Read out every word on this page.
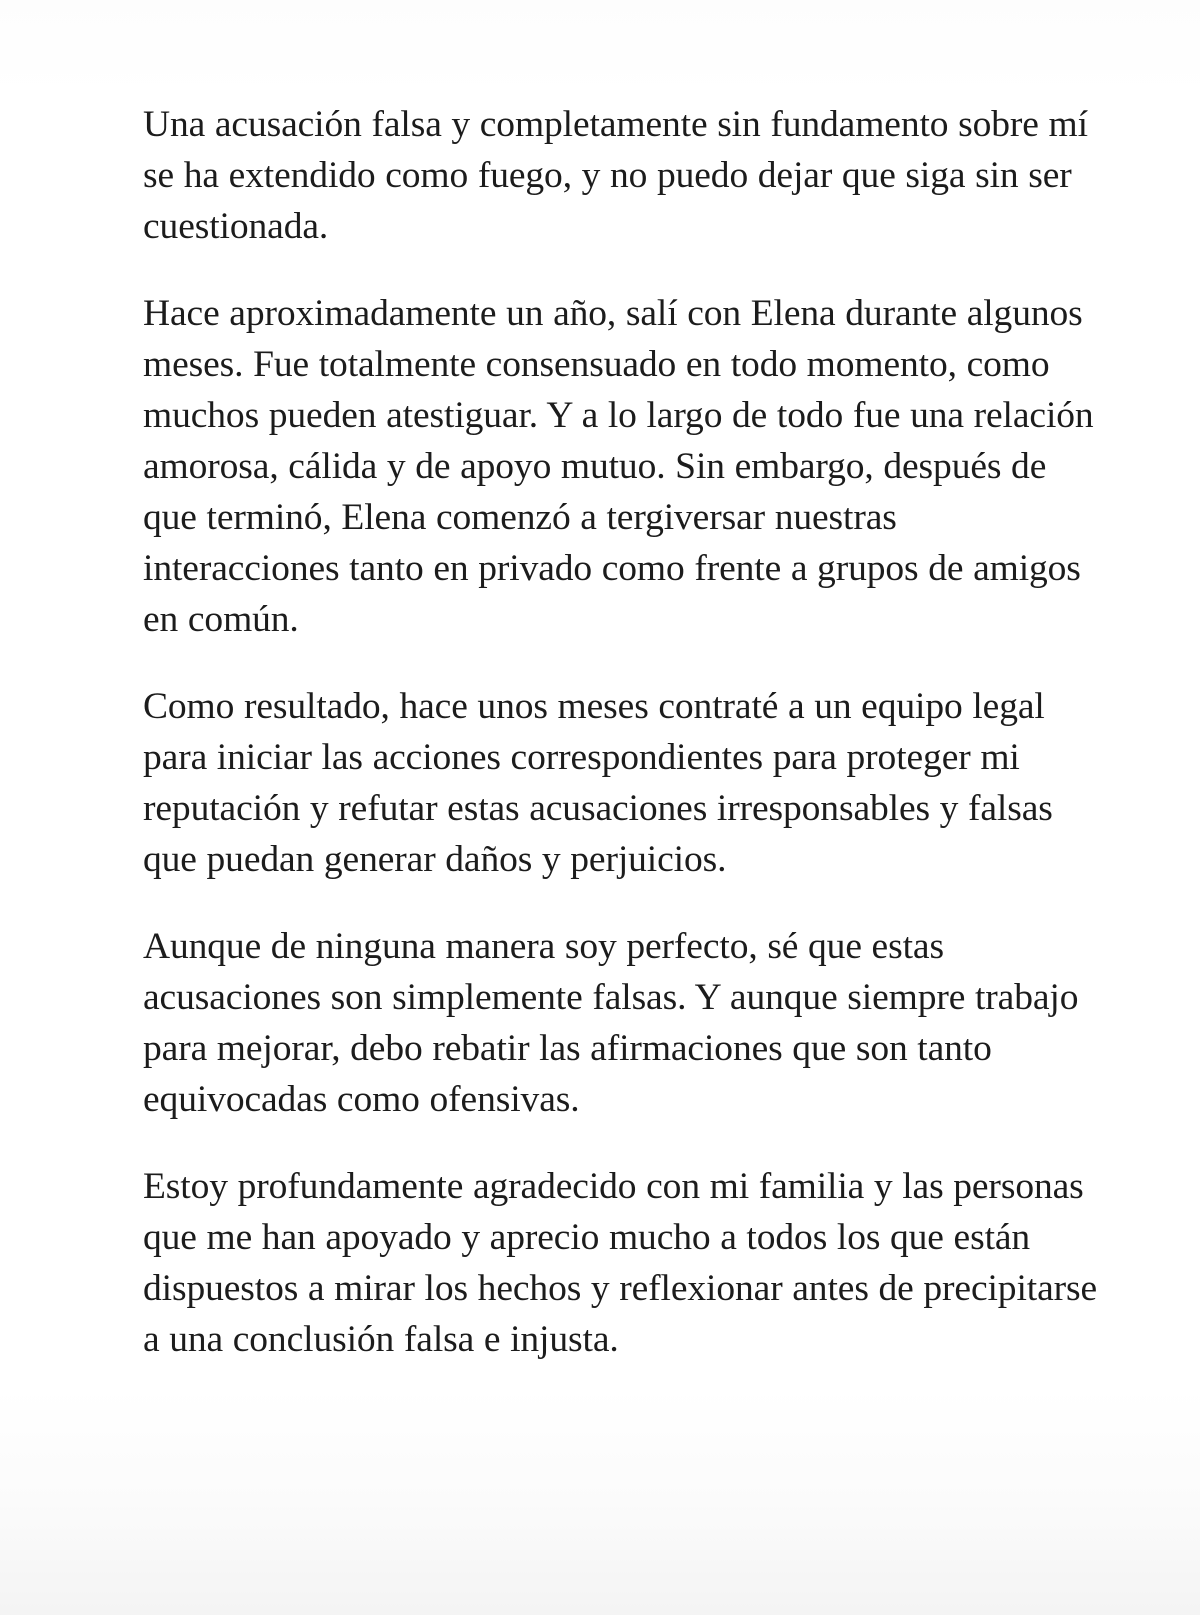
Una acusación falsa y completamente sin fundamento sobre mí se ha extendido como fuego, y no puedo dejar que siga sin ser cuestionada.

Hace aproximadamente un año, salí con Elena durante algunos meses. Fue totalmente consensuado en todo momento, como muchos pueden atestiguar. Y a lo largo de todo fue una relación amorosa, cálida y de apoyo mutuo. Sin embargo, después de que terminó, Elena comenzó a tergiversar nuestras interacciones tanto en privado como frente a grupos de amigos en común.

Como resultado, hace unos meses contraté a un equipo legal para iniciar las acciones correspondientes para proteger mi reputación y refutar estas acusaciones irresponsables y falsas que puedan generar daños y perjuicios.

Aunque de ninguna manera soy perfecto, sé que estas acusaciones son simplemente falsas. Y aunque siempre trabajo para mejorar, debo rebatir las afirmaciones que son tanto equivocadas como ofensivas.

Estoy profundamente agradecido con mi familia y las personas que me han apoyado y aprecio mucho a todos los que están dispuestos a mirar los hechos y reflexionar antes de precipitarse a una conclusión falsa e injusta.
